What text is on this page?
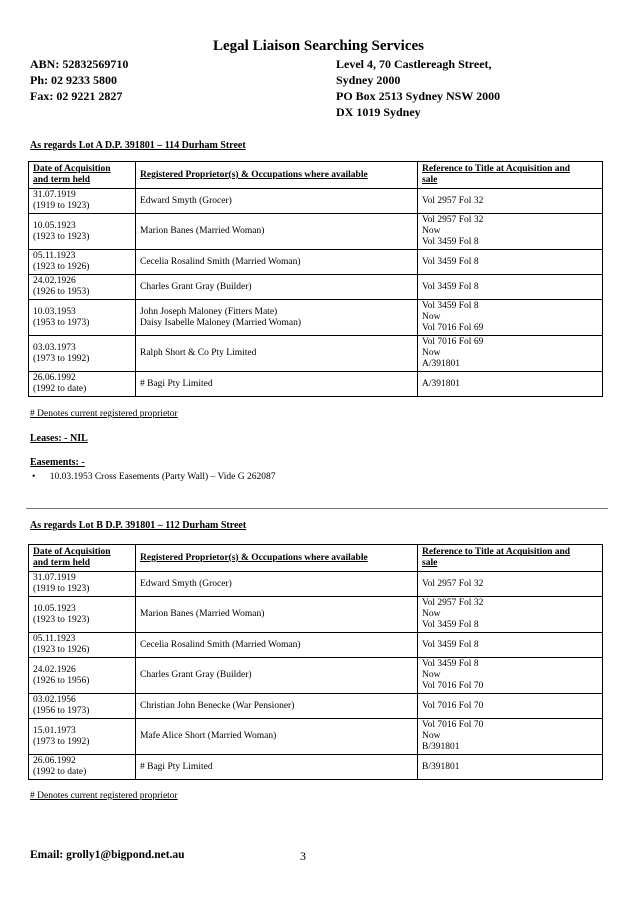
Legal Liaison Searching Services
ABN: 52832569710
Ph: 02 9233 5800
Fax: 02 9221 2827
Level 4, 70 Castlereagh Street,
Sydney 2000
PO Box 2513 Sydney NSW 2000
DX 1019 Sydney
As regards Lot A D.P. 391801 – 114 Durham Street
Date of Acquisition
and term held	Registered Proprietor(s) & Occupations where available	Reference to Title at Acquisition and
sale

31.07.1919
(1919 to 1923)	Edward Smyth (Grocer)	Vol 2957 Fol 32

10.05.1923
(1923 to 1923)	Marion Banes (Married Woman)	Vol 2957 Fol 32
Now
Vol 3459 Fol 8

05.11.1923
(1923 to 1926)	Cecelia Rosalind Smith (Married Woman)	Vol 3459 Fol 8

24.02.1926
(1926 to 1953)	Charles Grant Gray (Builder)	Vol 3459 Fol 8

10.03.1953
(1953 to 1973)	John Joseph Maloney (Fitters Mate)
Daisy Isabelle Maloney (Married Woman)	Vol 3459 Fol 8
Now
Vol 7016 Fol 69

03.03.1973
(1973 to 1992)	Ralph Short & Co Pty Limited	Vol 7016 Fol 69
Now
A/391801

26.06.1992
(1992 to date)	# Bagi Pty Limited	A/391801
# Denotes current registered proprietor
Leases: - NIL
Easements: -
• 10.03.1953 Cross Easements (Party Wall) – Vide G 262087
As regards Lot B D.P. 391801 – 112 Durham Street
Date of Acquisition
and term held	Registered Proprietor(s) & Occupations where available	Reference to Title at Acquisition and
sale

31.07.1919
(1919 to 1923)	Edward Smyth (Grocer)	Vol 2957 Fol 32

10.05.1923
(1923 to 1923)	Marion Banes (Married Woman)	Vol 2957 Fol 32
Now
Vol 3459 Fol 8

05.11.1923
(1923 to 1926)	Cecelia Rosalind Smith (Married Woman)	Vol 3459 Fol 8

24.02.1926
(1926 to 1956)	Charles Grant Gray (Builder)	Vol 3459 Fol 8
Now
Vol 7016 Fol 70

03.02.1956
(1956 to 1973)	Christian John Benecke (War Pensioner)	Vol 7016 Fol 70

15.01.1973
(1973 to 1992)	Mafe Alice Short (Married Woman)	Vol 7016 Fol 70
Now
B/391801

26.06.1992
(1992 to date)	# Bagi Pty Limited	B/391801
# Denotes current registered proprietor
Email: grolly1@bigpond.net.au	3
